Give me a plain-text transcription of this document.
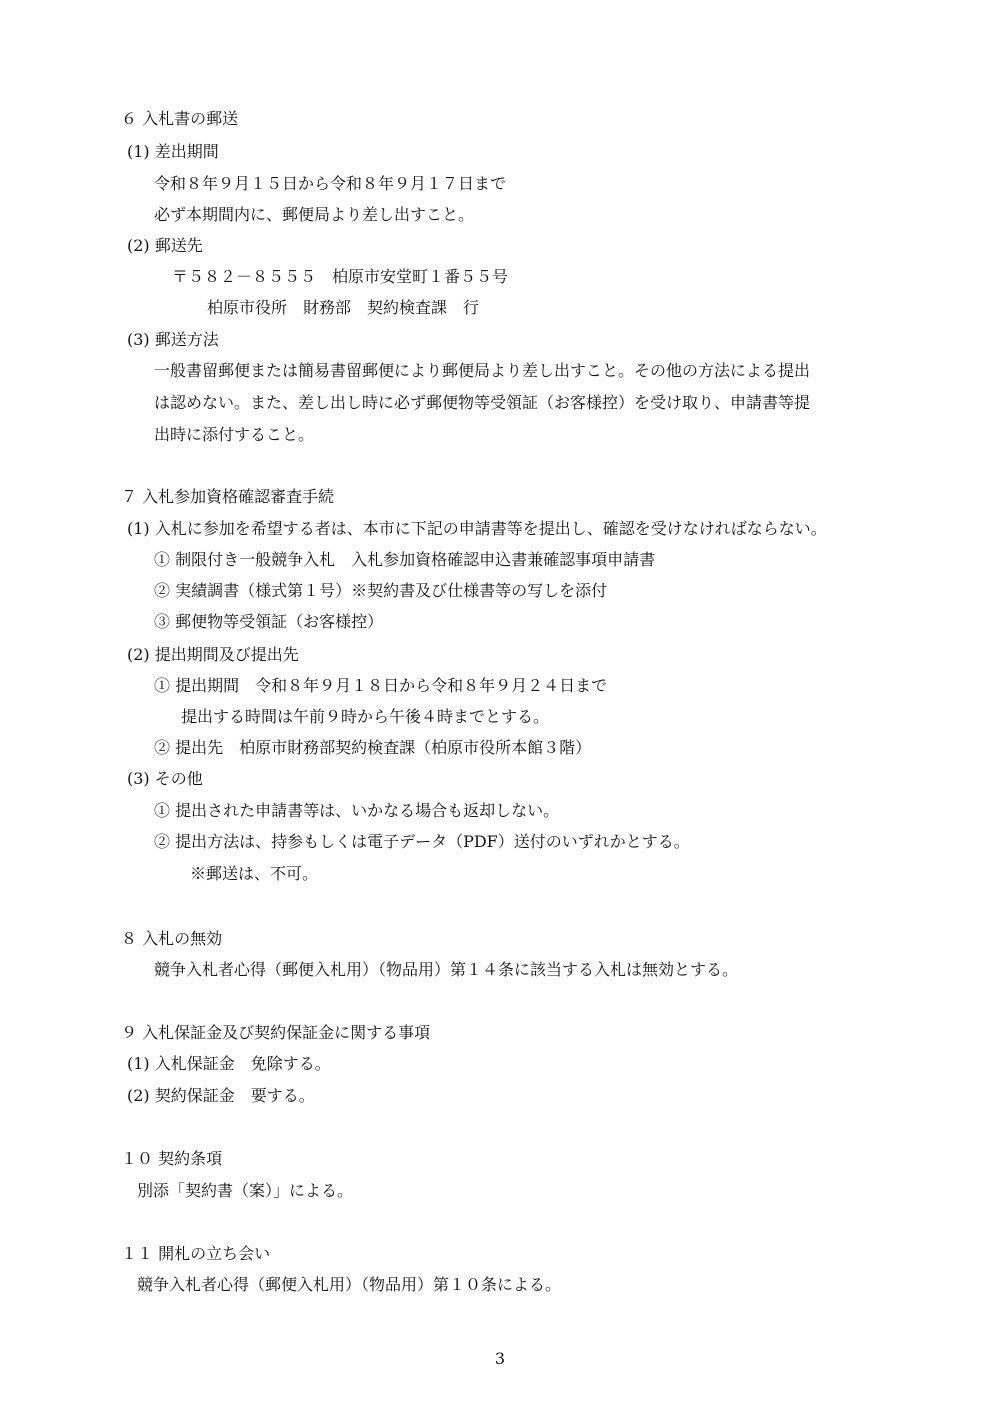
６ 入札書の郵送
(1) 差出期間
令和８年９月１５日から令和８年９月１７日まで
必ず本期間内に、郵便局より差し出すこと。
(2) 郵送先
〒５８２－８５５５　柏原市安堂町１番５５号
柏原市役所　財務部　契約検査課　行
(3) 郵送方法
一般書留郵便または簡易書留郵便により郵便局より差し出すこと。その他の方法による提出
は認めない。また、差し出し時に必ず郵便物等受領証（お客様控）を受け取り、申請書等提
出時に添付すること。
７ 入札参加資格確認審査手続
(1) 入札に参加を希望する者は、本市に下記の申請書等を提出し、確認を受けなければならない。
① 制限付き一般競争入札　入札参加資格確認申込書兼確認事項申請書
② 実績調書（様式第１号）※契約書及び仕様書等の写しを添付
③ 郵便物等受領証（お客様控）
(2) 提出期間及び提出先
① 提出期間　令和８年９月１８日から令和８年９月２４日まで
提出する時間は午前９時から午後４時までとする。
② 提出先　柏原市財務部契約検査課（柏原市役所本館３階）
(3) その他
① 提出された申請書等は、いかなる場合も返却しない。
② 提出方法は、持参もしくは電子データ（PDF）送付のいずれかとする。
※郵送は、不可。
８ 入札の無効
競争入札者心得（郵便入札用）（物品用）第１４条に該当する入札は無効とする。
９ 入札保証金及び契約保証金に関する事項
(1) 入札保証金　免除する。
(2) 契約保証金　要する。
１０ 契約条項
別添「契約書（案）」による。
１１ 開札の立ち会い
競争入札者心得（郵便入札用）（物品用）第１０条による。
3
